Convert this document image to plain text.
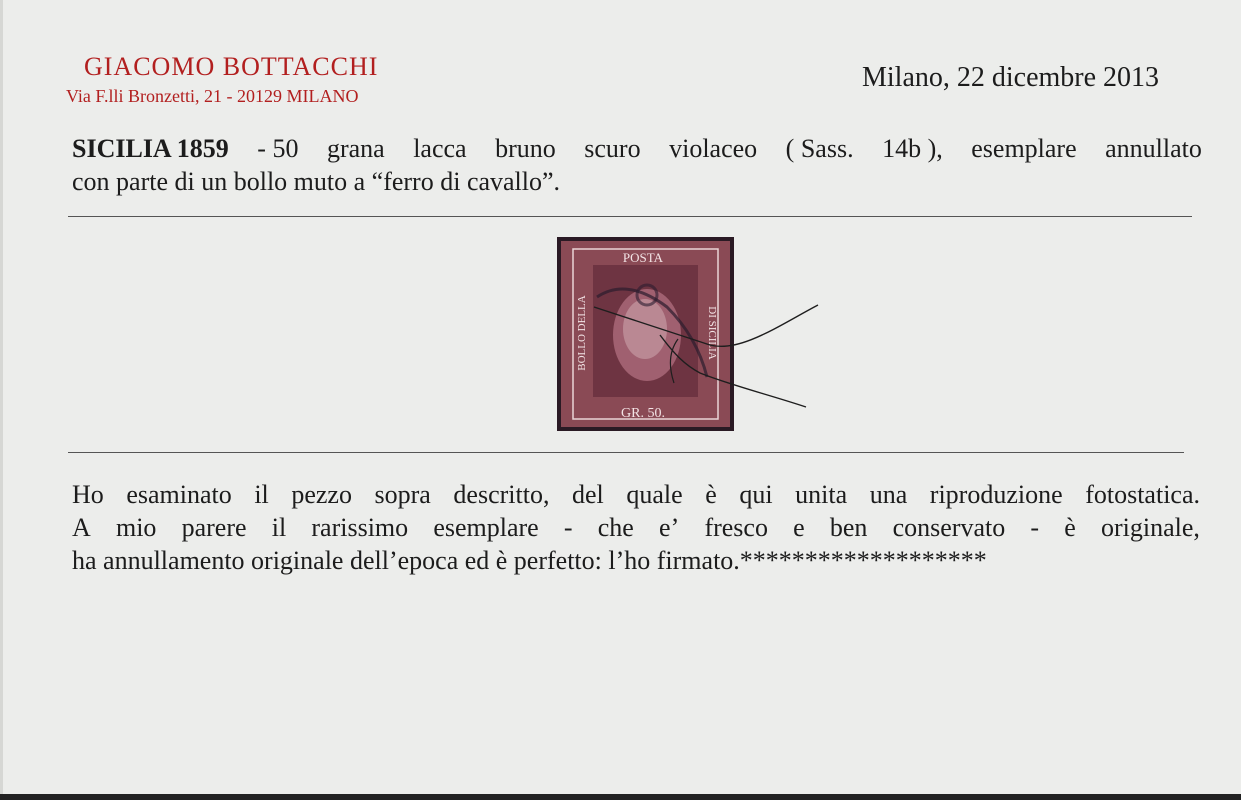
GIACOMO BOTTACCHI
Via F.lli Bronzetti, 21 - 20129 MILANO
Milano, 22 dicembre 2013
SICILIA 1859 - 50 grana lacca bruno scuro violaceo ( Sass. 14b ), esemplare annullato
con parte di un bollo muto a “ferro di cavallo”.
POSTA
GR. 50.
BOLLO DELLA	DI SICILIA
Ho esaminato il pezzo sopra descritto, del quale è qui unita una riproduzione fotostatica.
A mio parere il rarissimo esemplare - che e’ fresco e ben conservato - è originale,
ha annullamento originale dell’epoca ed è perfetto: l’ho firmato.*******************
